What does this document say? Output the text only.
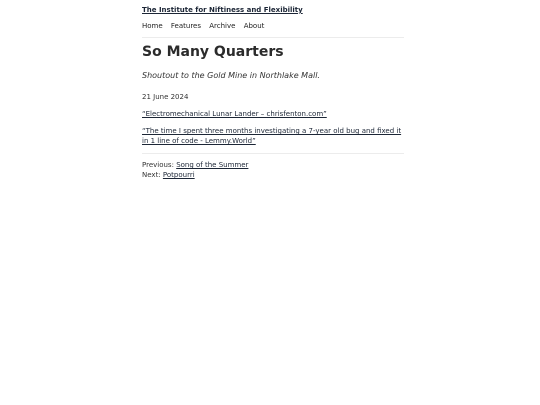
The Institute for Niftiness and Flexibility
Home Features Archive About
So Many Quarters

Shoutout to the Gold Mine in Northlake Mall.

21 June 2024
“Electromechanical Lunar Lander – chrisfenton.com”
“The time I spent three months investigating a 7-year old bug and fixed it in 1 line of code - Lemmy.World”
Previous: Song of the Summer
Next: Potpourri
